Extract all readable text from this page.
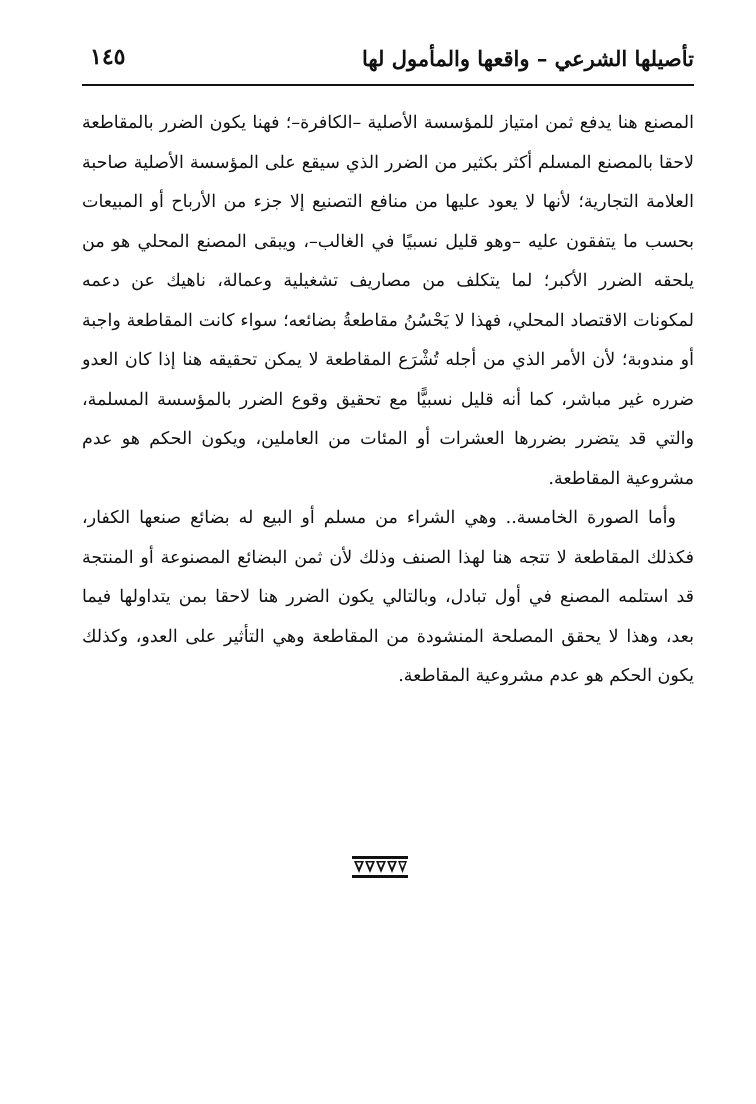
تأصيلها الشرعي – واقعها والمأمول لها
١٤٥

المصنع هنا يدفع ثمن امتياز للمؤسسة الأصلية –الكافرة–؛ فهنا يكون الضرر بالمقاطعة لاحقا بالمصنع المسلم أكثر بكثير من الضرر الذي سيقع على المؤسسة الأصلية صاحبة العلامة التجارية؛ لأنها لا يعود عليها من منافع التصنيع إلا جزء من الأرباح أو المبيعات بحسب ما يتفقون عليه –وهو قليل نسبيًا في الغالب–، ويبقى المصنع المحلي هو من يلحقه الضرر الأكبر؛ لما يتكلف من مصاريف تشغيلية وعمالة، ناهيك عن دعمه لمكونات الاقتصاد المحلي، فهذا لا يَحْسُنُ مقاطعةُ بضائعه؛ سواء كانت المقاطعة واجبة أو مندوبة؛ لأن الأمر الذي من أجله تُشْرَع المقاطعة لا يمكن تحقيقه هنا إذا كان العدو ضرره غير مباشر، كما أنه قليل نسبيًّا مع تحقيق وقوع الضرر بالمؤسسة المسلمة، والتي قد يتضرر بضررها العشرات أو المئات من العاملين، ويكون الحكم هو عدم مشروعية المقاطعة.

وأما الصورة الخامسة.. وهي الشراء من مسلم أو البيع له بضائع صنعها الكفار، فكذلك المقاطعة لا تتجه هنا لهذا الصنف وذلك لأن ثمن البضائع المصنوعة أو المنتجة قد استلمه المصنع في أول تبادل، وبالتالي يكون الضرر هنا لاحقا بمن يتداولها فيما بعد، وهذا لا يحقق المصلحة المنشودة من المقاطعة وهي التأثير على العدو، وكذلك يكون الحكم هو عدم مشروعية المقاطعة.
